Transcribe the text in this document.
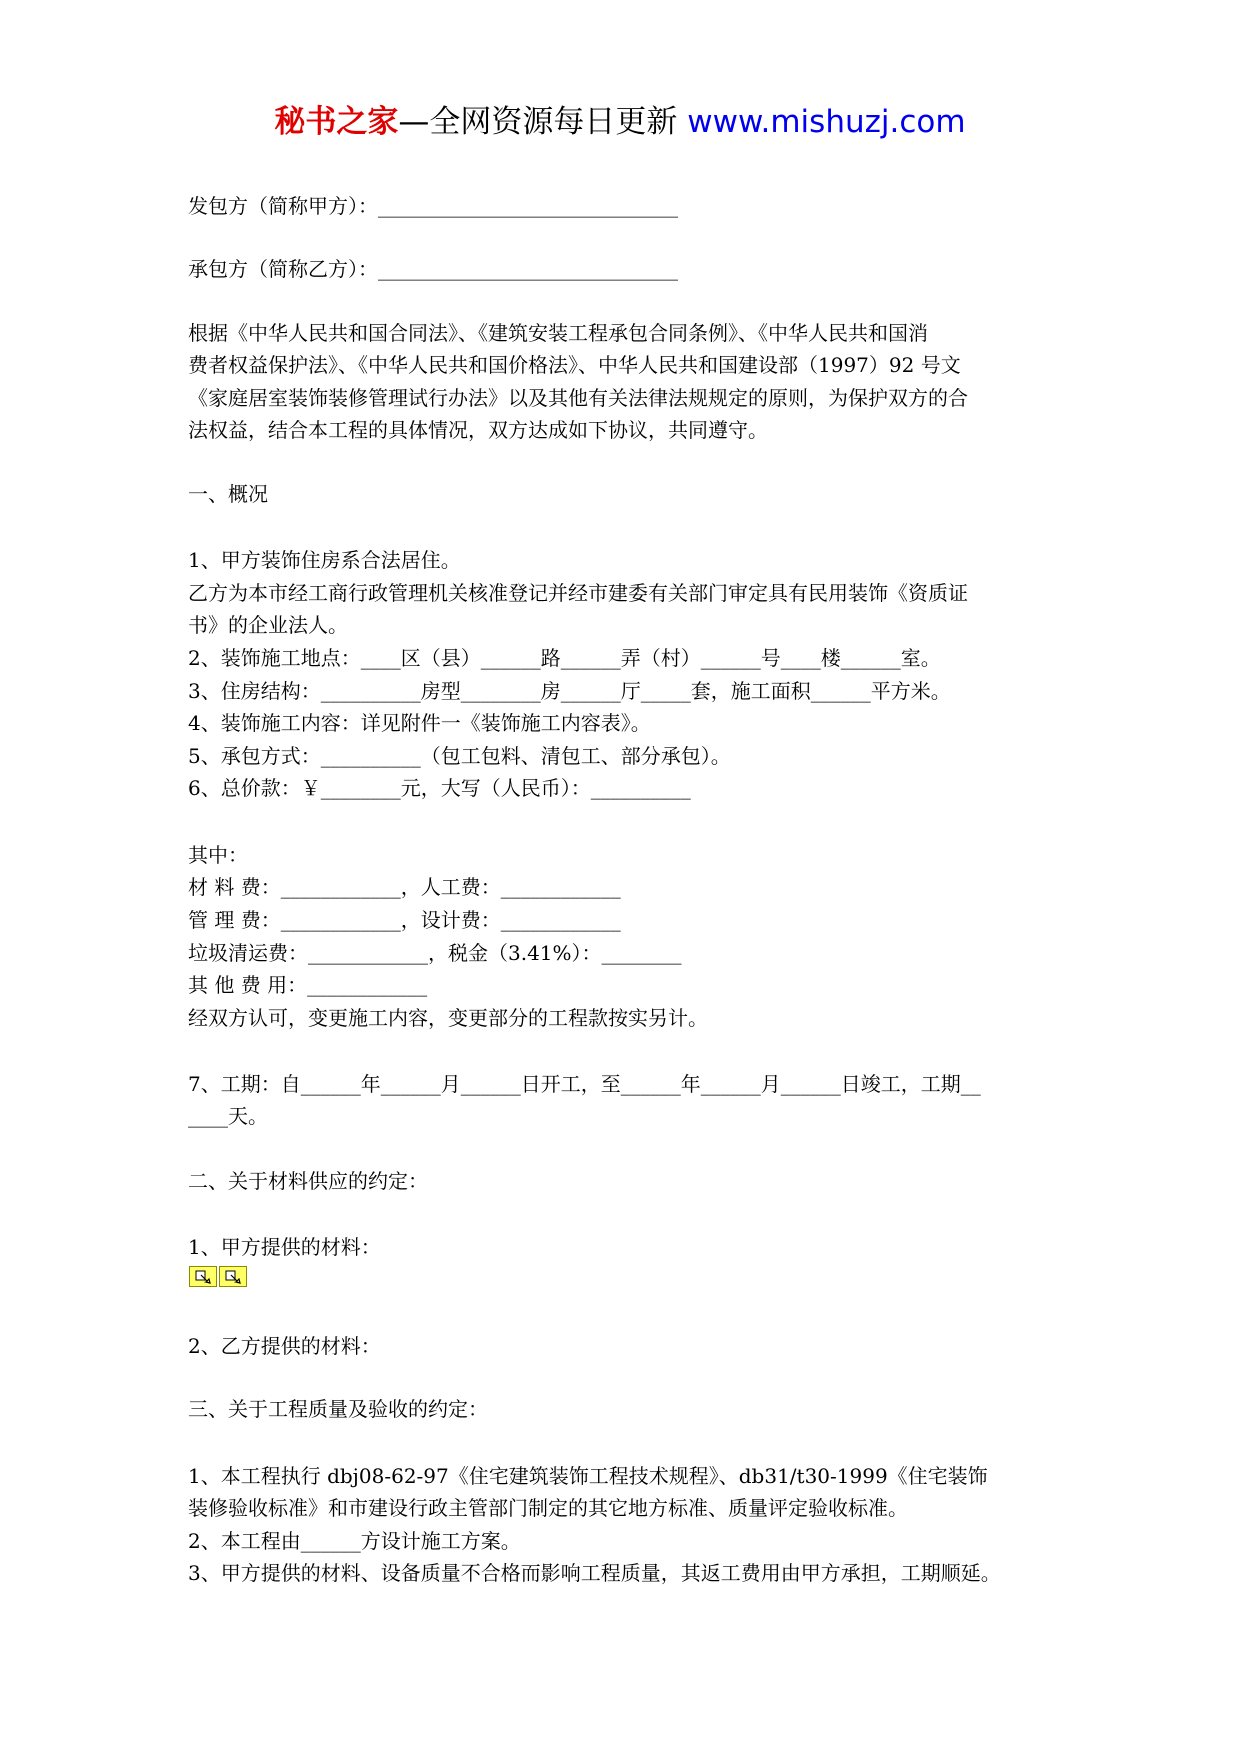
秘书之家—全网资源每日更新 www.mishuzj.com
发包方（简称甲方）：______________________________
承包方（简称乙方）：______________________________
根据《中华人民共和国合同法》、《建筑安装工程承包合同条例》、《中华人民共和国消
费者权益保护法》、《中华人民共和国价格法》、中华人民共和国建设部（1997）92 号文
《家庭居室装饰装修管理试行办法》以及其他有关法律法规规定的原则，为保护双方的合
法权益，结合本工程的具体情况，双方达成如下协议，共同遵守。
一、概况
1、甲方装饰住房系合法居住。
乙方为本市经工商行政管理机关核准登记并经市建委有关部门审定具有民用装饰《资质证
书》的企业法人。
2、装饰施工地点：____区（县）______路______弄（村）______号____楼______室。
3、住房结构：__________房型________房______厅_____套，施工面积______平方米。
4、装饰施工内容：详见附件一《装饰施工内容表》。
5、承包方式：__________（包工包料、清包工、部分承包）。
6、总价款：￥________元，大写（人民币）：__________
其中：
材 料 费：____________，人工费：____________
管 理 费：____________，设计费：____________
垃圾清运费：____________，税金（3.41%）：________
其 他 费 用：____________
经双方认可，变更施工内容，变更部分的工程款按实另计。
7、工期：自______年______月______日开工，至______年______月______日竣工，工期__
____天。
二、关于材料供应的约定：
1、甲方提供的材料：
2、乙方提供的材料：
三、关于工程质量及验收的约定：
1、本工程执行 dbj08-62-97《住宅建筑装饰工程技术规程》、db31/t30-1999《住宅装饰
装修验收标准》和市建设行政主管部门制定的其它地方标准、质量评定验收标准。
2、本工程由______方设计施工方案。
3、甲方提供的材料、设备质量不合格而影响工程质量，其返工费用由甲方承担，工期顺延。
